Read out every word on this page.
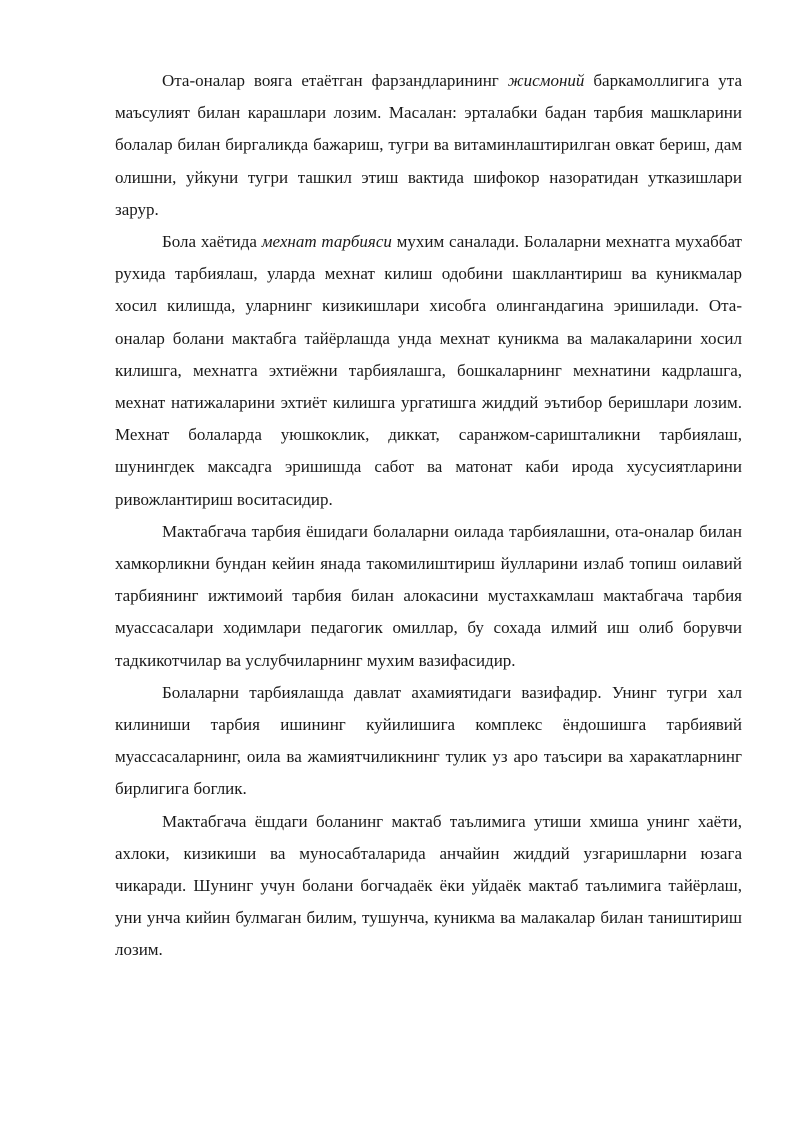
Ота-оналар вояга етаётган фарзандларининг жисмоний баркамоллигига ута маъсулият билан карашлари лозим. Масалан: эрталабки бадан тарбия машкларини болалар билан биргаликда бажариш, тугри ва витаминлаштирилган овкат бериш, дам олишни, уйкуни тугри ташкил этиш вактида шифокор назоратидан утказишлари зарур.

Бола хаётида мехнат тарбияси мухим саналади. Болаларни мехнатга мухаббат рухида тарбиялаш, уларда мехнат килиш одобини шакллантириш ва куникмалар хосил килишда, уларнинг кизикишлари хисобга олингандагина эришилади. Ота-оналар болани мактабга тайёрлашда унда мехнат куникма ва малакаларини хосил килишга, мехнатга эхтиёжни тарбиялашга, бошкаларнинг мехнатини кадрлашга, мехнат натижаларини эхтиёт килишга ургатишга жиддий эътибор беришлари лозим. Мехнат болаларда уюшкоклик, диккат, саранжом-саришталикни тарбиялаш, шунингдек максадга эришишда сабот ва матонат каби ирода хусусиятларини ривожлантириш воситасидир.

Мактабгача тарбия ёшидаги болаларни оилада тарбиялашни, ота-оналар билан хамкорликни бундан кейин янада такомилиштириш йулларини излаб топиш оилавий тарбиянинг ижтимоий тарбия билан алокасини мустахкамлаш мактабгача тарбия муассасалари ходимлари педагогик омиллар, бу сохада илмий иш олиб борувчи тадкикотчилар ва услубчиларнинг мухим вазифасидир.

Болаларни тарбиялашда давлат ахамиятидаги вазифадир. Унинг тугри хал килиниши тарбия ишининг куйилишига комплекс ёндошишга тарбиявий муассасаларнинг, оила ва жамиятчиликнинг тулик уз аро таъсири ва харакатларнинг бирлигига боглик.

Мактабгача ёшдаги боланинг мактаб таълимига утиши хмиша унинг хаёти, ахлоки, кизикиши ва муносабталарида анчайин жиддий узгаришларни юзага чикаради. Шунинг учун болани богчадаёк ёки уйдаёк мактаб таълимига тайёрлаш, уни унча кийин булмаган билим, тушунча, куникма ва малакалар билан таништириш лозим.
